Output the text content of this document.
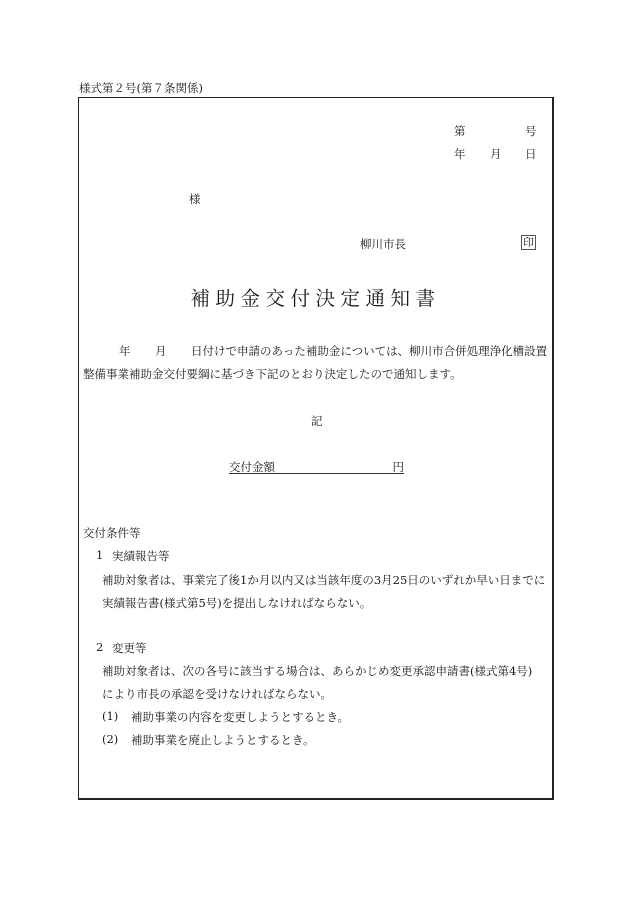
様式第２号(第７条関係)
第	号
年 月 日
様
柳川市長	印
補助金交付決定通知書
年 月 日付けで申請のあった補助金については、柳川市合併処理浄化槽設置
整備事業補助金交付要綱に基づき下記のとおり決定したので通知します。
記
交付金額	円
交付条件等
1 実績報告等
補助対象者は、事業完了後1か月以内又は当該年度の3月25日のいずれか早い日までに
実績報告書(様式第5号)を提出しなければならない。
2 変更等
補助対象者は、次の各号に該当する場合は、あらかじめ変更承認申請書(様式第4号)
により市長の承認を受けなければならない。
(1) 補助事業の内容を変更しようとするとき。
(2) 補助事業を廃止しようとするとき。
